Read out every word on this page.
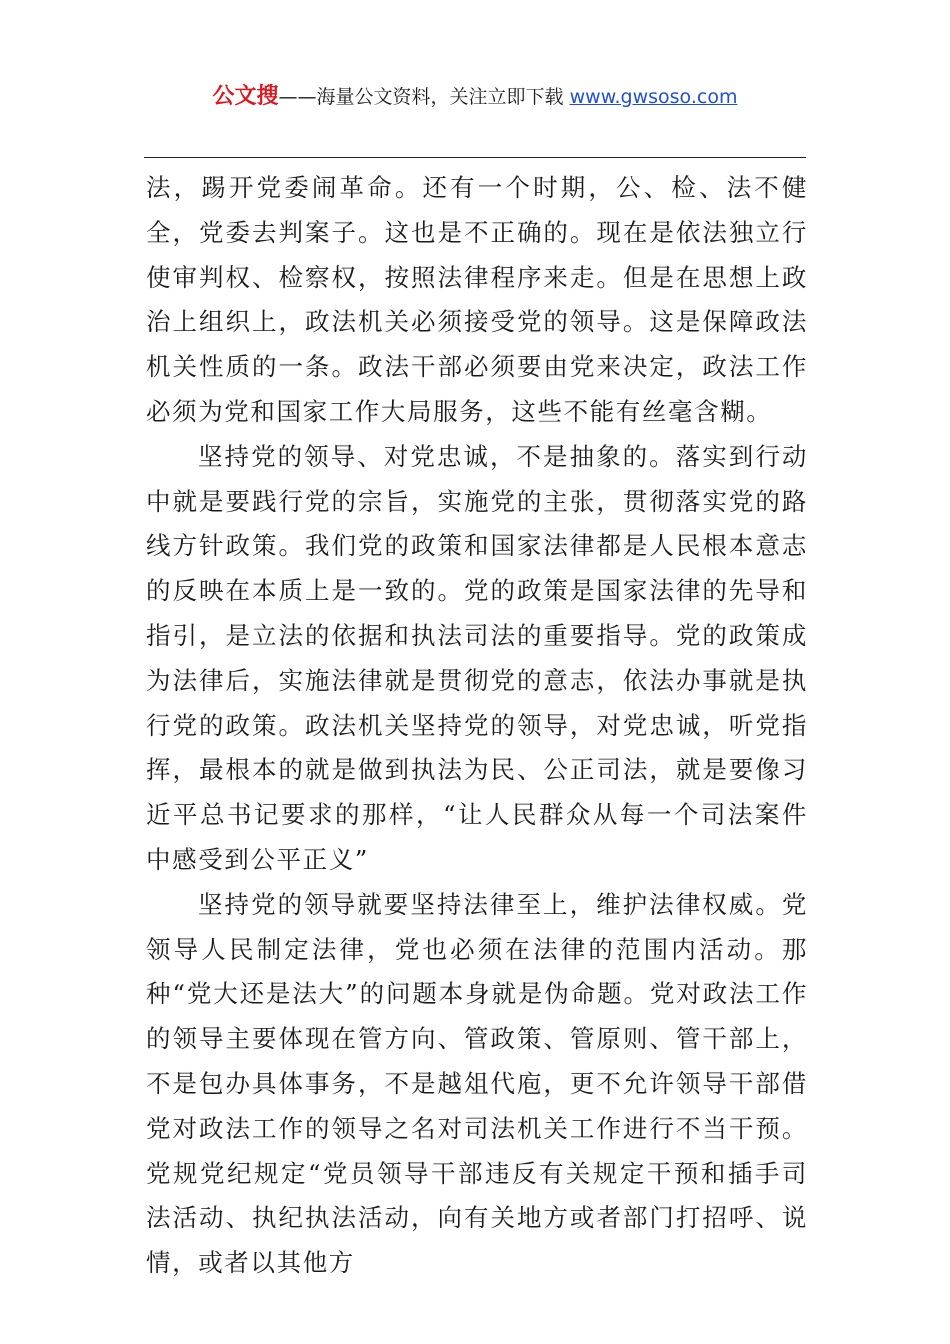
公文搜——海量公文资料，关注立即下载 www.gwsoso.com

法，踢开党委闹革命。还有一个时期，公、检、法不健全，党委去判案子。这也是不正确的。现在是依法独立行使审判权、检察权，按照法律程序来走。但是在思想上政治上组织上，政法机关必须接受党的领导。这是保障政法机关性质的一条。政法干部必须要由党来决定，政法工作必须为党和国家工作大局服务，这些不能有丝毫含糊。

坚持党的领导、对党忠诚，不是抽象的。落实到行动中就是要践行党的宗旨，实施党的主张，贯彻落实党的路线方针政策。我们党的政策和国家法律都是人民根本意志的反映在本质上是一致的。党的政策是国家法律的先导和指引，是立法的依据和执法司法的重要指导。党的政策成为法律后，实施法律就是贯彻党的意志，依法办事就是执行党的政策。政法机关坚持党的领导，对党忠诚，听党指挥，最根本的就是做到执法为民、公正司法，就是要像习近平总书记要求的那样，“让人民群众从每一个司法案件中感受到公平正义”

坚持党的领导就要坚持法律至上，维护法律权威。党领导人民制定法律，党也必须在法律的范围内活动。那种“党大还是法大”的问题本身就是伪命题。党对政法工作的领导主要体现在管方向、管政策、管原则、管干部上，不是包办具体事务，不是越俎代庖，更不允许领导干部借党对政法工作的领导之名对司法机关工作进行不当干预。党规党纪规定“党员领导干部违反有关规定干预和插手司法活动、执纪执法活动，向有关地方或者部门打招呼、说情，或者以其他方
